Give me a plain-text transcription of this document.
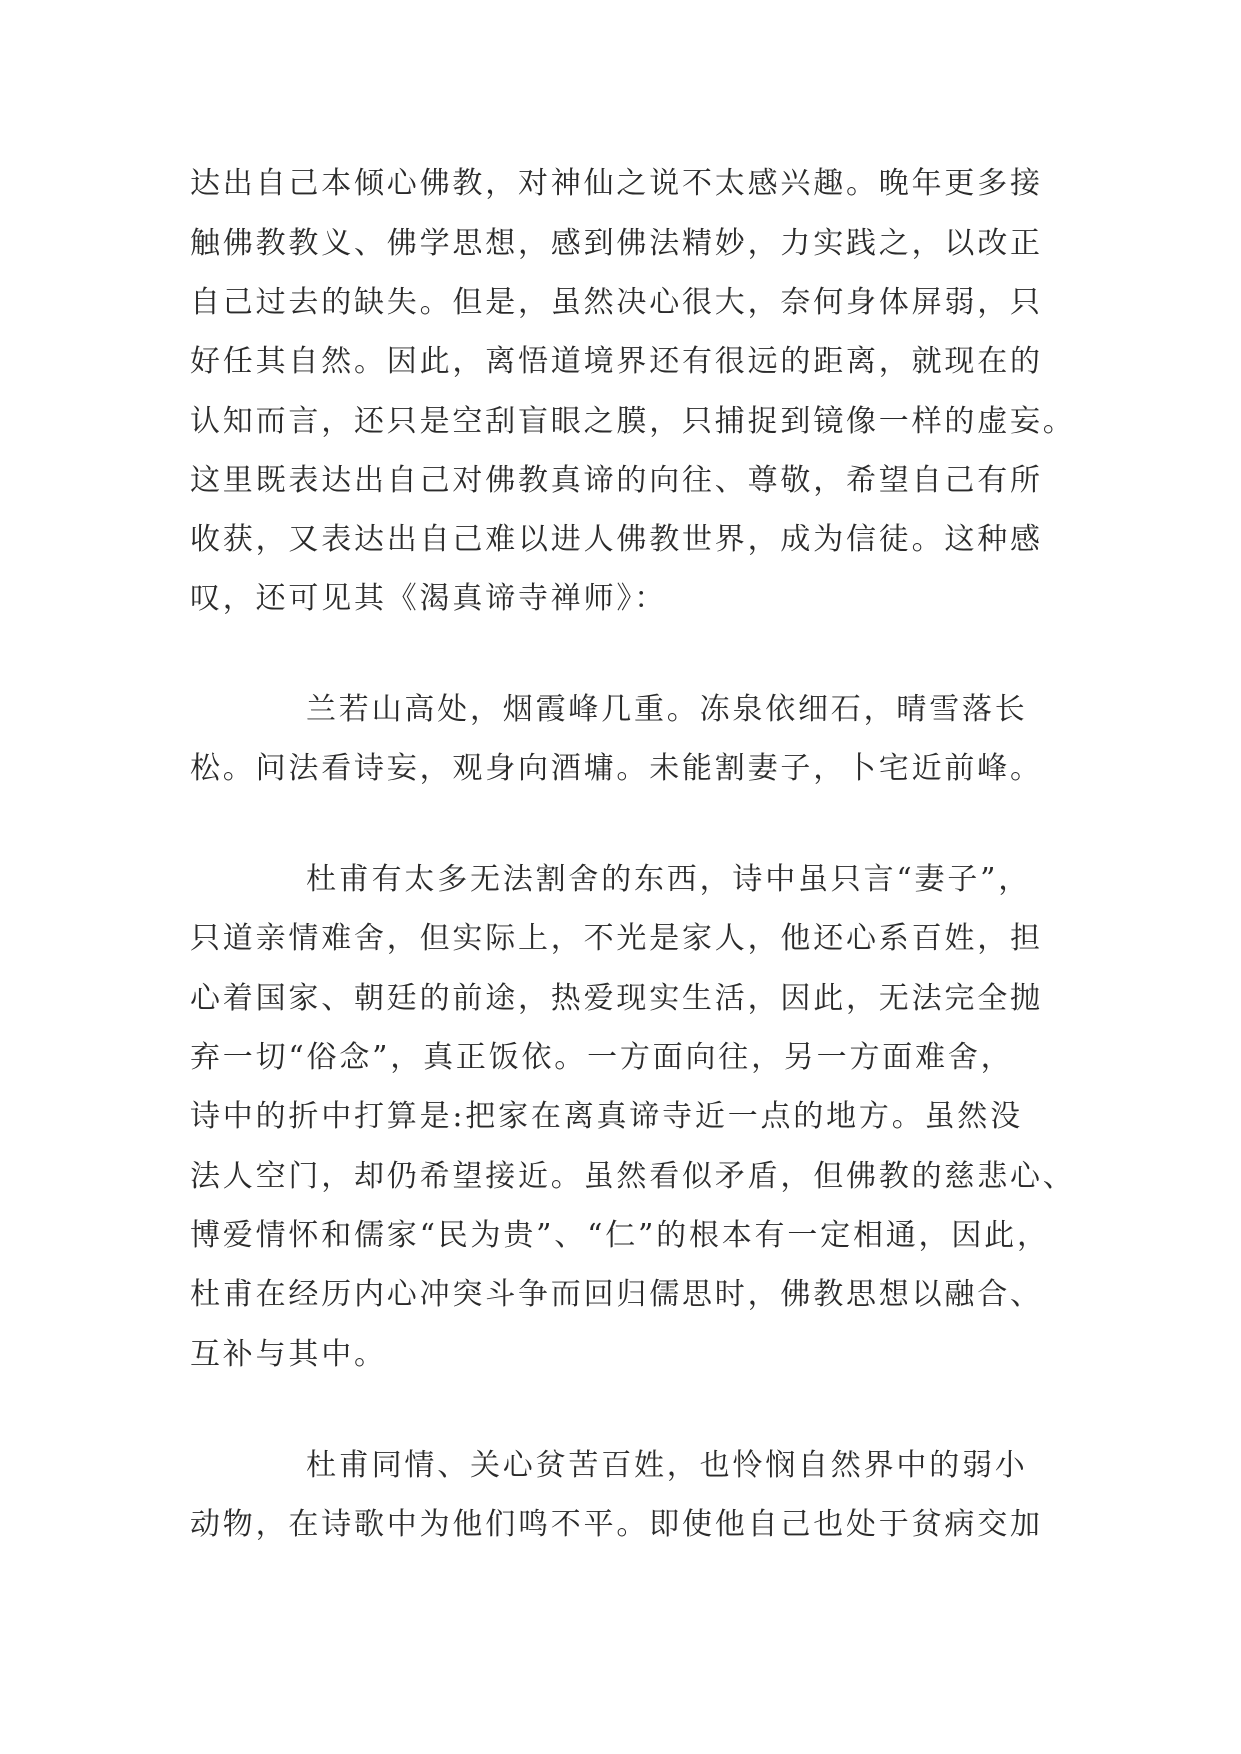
达出自己本倾心佛教，对神仙之说不太感兴趣。晚年更多接
触佛教教义、佛学思想，感到佛法精妙，力实践之，以改正
自己过去的缺失。但是，虽然决心很大，奈何身体屏弱，只
好任其自然。因此，离悟道境界还有很远的距离，就现在的
认知而言，还只是空刮盲眼之膜，只捕捉到镜像一样的虚妄。
这里既表达出自己对佛教真谛的向往、尊敬，希望自己有所
收获，又表达出自己难以进人佛教世界，成为信徒。这种感
叹，还可见其《渴真谛寺禅师》：
兰若山高处，烟霞峰几重。冻泉依细石，晴雪落长
松。问法看诗妄，观身向酒墉。未能割妻子，卜宅近前峰。
杜甫有太多无法割舍的东西，诗中虽只言“妻子”，
只道亲情难舍，但实际上，不光是家人，他还心系百姓，担
心着国家、朝廷的前途，热爱现实生活，因此，无法完全抛
弃一切“俗念”，真正饭依。一方面向往，另一方面难舍，
诗中的折中打算是:把家在离真谛寺近一点的地方。虽然没
法人空门，却仍希望接近。虽然看似矛盾，但佛教的慈悲心、
博爱情怀和儒家“民为贵”、“仁”的根本有一定相通，因此，
杜甫在经历内心冲突斗争而回归儒思时，佛教思想以融合、
互补与其中。
杜甫同情、关心贫苦百姓，也怜悯自然界中的弱小
动物，在诗歌中为他们鸣不平。即使他自己也处于贫病交加
